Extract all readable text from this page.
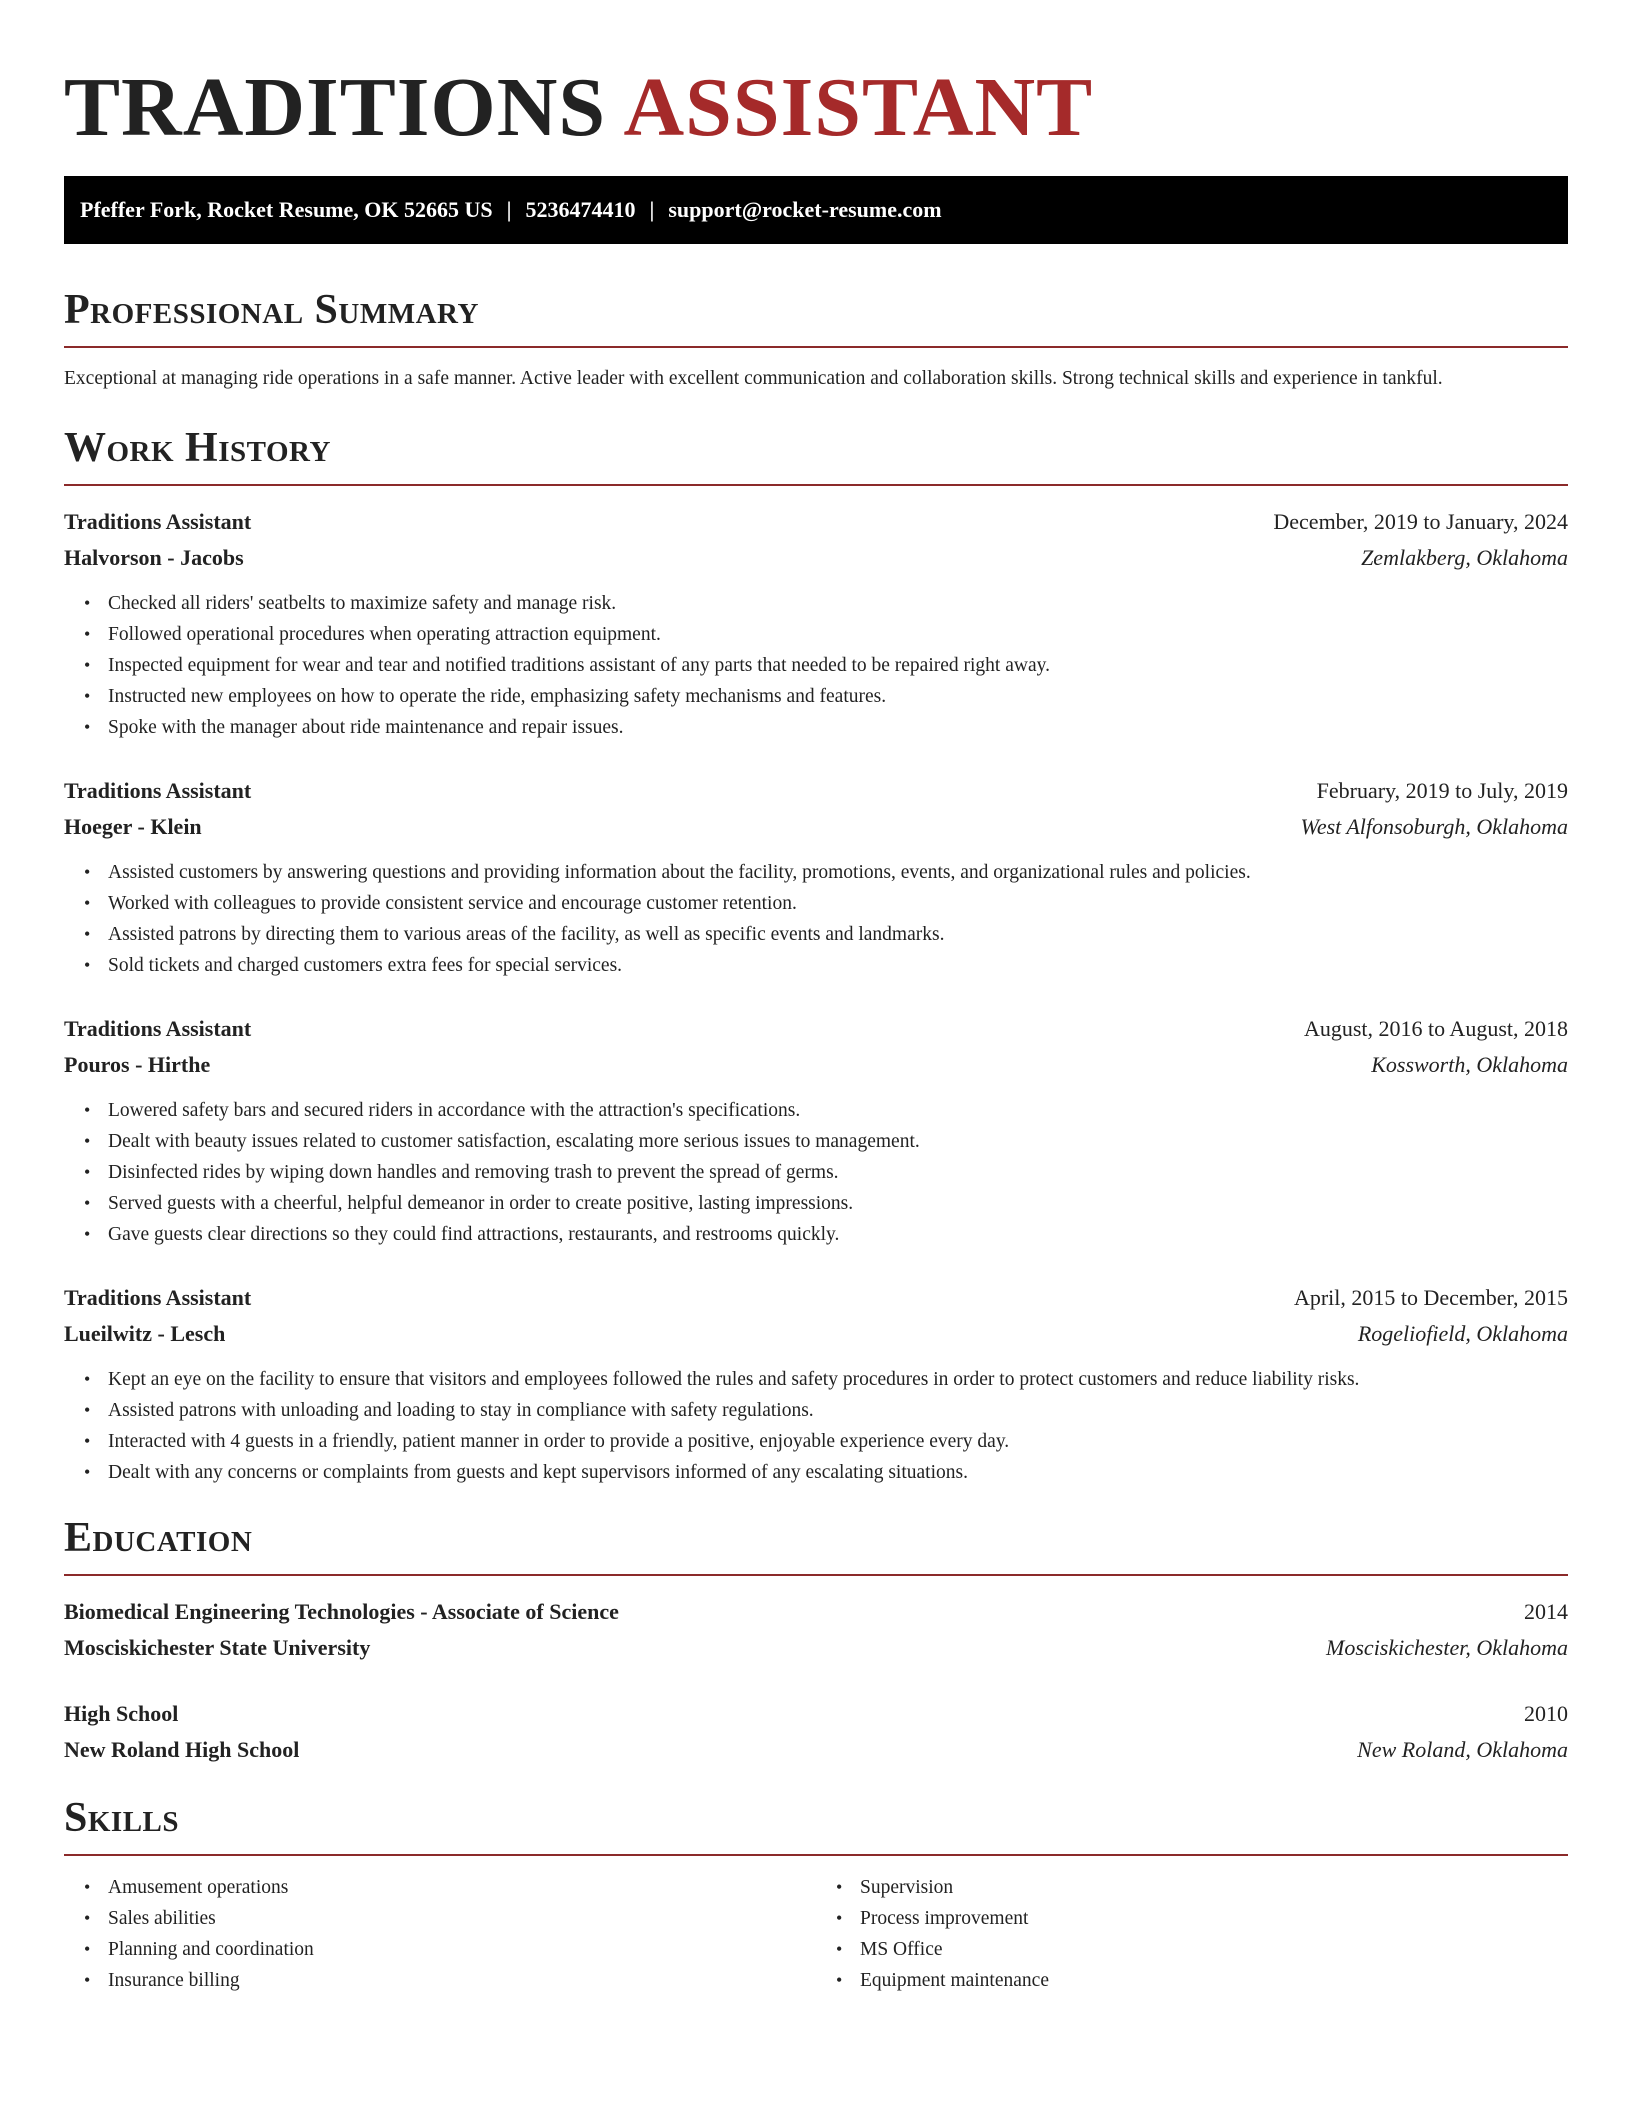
TRADITIONS ASSISTANT
Pfeffer Fork, Rocket Resume, OK 52665 US | 5236474410 | support@rocket-resume.com
Professional Summary

Exceptional at managing ride operations in a safe manner. Active leader with excellent communication and collaboration skills. Strong technical skills and experience in tankful.

Work History
Traditions Assistant	December, 2019 to January, 2024
Halvorson - Jacobs	Zemlakberg, Oklahoma
• Checked all riders' seatbelts to maximize safety and manage risk.
• Followed operational procedures when operating attraction equipment.
• Inspected equipment for wear and tear and notified traditions assistant of any parts that needed to be repaired right away.
• Instructed new employees on how to operate the ride, emphasizing safety mechanisms and features.
• Spoke with the manager about ride maintenance and repair issues.
Traditions Assistant	February, 2019 to July, 2019
Hoeger - Klein	West Alfonsoburgh, Oklahoma
• Assisted customers by answering questions and providing information about the facility, promotions, events, and organizational rules and policies.
• Worked with colleagues to provide consistent service and encourage customer retention.
• Assisted patrons by directing them to various areas of the facility, as well as specific events and landmarks.
• Sold tickets and charged customers extra fees for special services.
Traditions Assistant	August, 2016 to August, 2018
Pouros - Hirthe	Kossworth, Oklahoma
• Lowered safety bars and secured riders in accordance with the attraction's specifications.
• Dealt with beauty issues related to customer satisfaction, escalating more serious issues to management.
• Disinfected rides by wiping down handles and removing trash to prevent the spread of germs.
• Served guests with a cheerful, helpful demeanor in order to create positive, lasting impressions.
• Gave guests clear directions so they could find attractions, restaurants, and restrooms quickly.
Traditions Assistant	April, 2015 to December, 2015
Lueilwitz - Lesch	Rogeliofield, Oklahoma
• Kept an eye on the facility to ensure that visitors and employees followed the rules and safety procedures in order to protect customers and reduce liability risks.
• Assisted patrons with unloading and loading to stay in compliance with safety regulations.
• Interacted with 4 guests in a friendly, patient manner in order to provide a positive, enjoyable experience every day.
• Dealt with any concerns or complaints from guests and kept supervisors informed of any escalating situations.
Education
Biomedical Engineering Technologies - Associate of Science	2014
Mosciskichester State University	Mosciskichester, Oklahoma
High School	2010
New Roland High School	New Roland, Oklahoma
Skills
• Amusement operations
• Sales abilities
• Planning and coordination
• Insurance billing
• Supervision
• Process improvement
• MS Office
• Equipment maintenance
